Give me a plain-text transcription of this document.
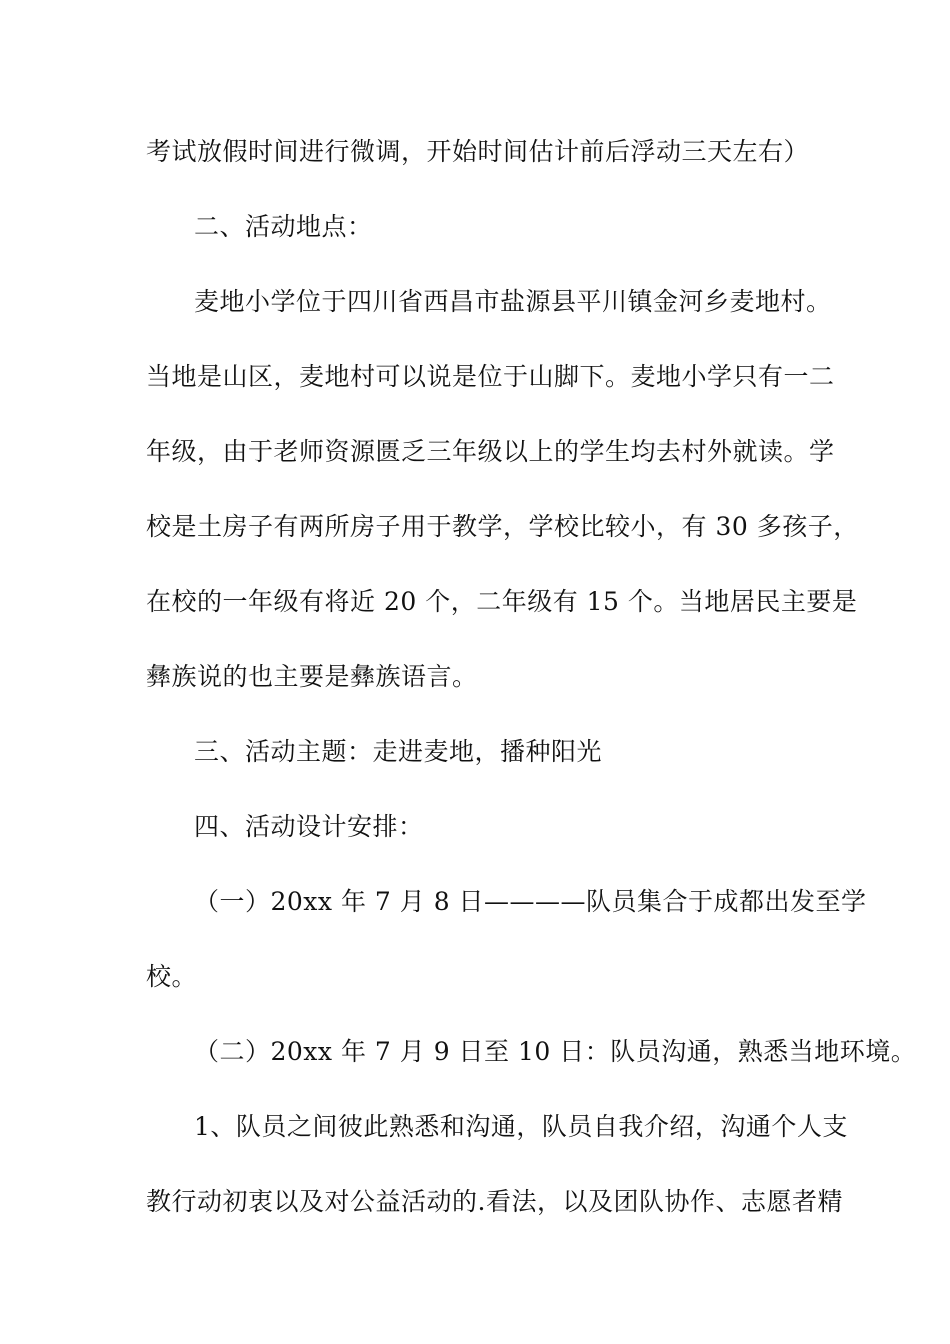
考试放假时间进行微调，开始时间估计前后浮动三天左右）
二、活动地点：
麦地小学位于四川省西昌市盐源县平川镇金河乡麦地村。
当地是山区，麦地村可以说是位于山脚下。麦地小学只有一二
年级，由于老师资源匮乏三年级以上的学生均去村外就读。学
校是土房子有两所房子用于教学，学校比较小，有 30 多孩子，
在校的一年级有将近 20 个，二年级有 15 个。当地居民主要是
彝族说的也主要是彝族语言。
三、活动主题：走进麦地，播种阳光
四、活动设计安排：
（一）20xx 年 7 月 8 日————队员集合于成都出发至学
校。
（二）20xx 年 7 月 9 日至 10 日：队员沟通，熟悉当地环境。
1、队员之间彼此熟悉和沟通，队员自我介绍，沟通个人支
教行动初衷以及对公益活动的.看法，以及团队协作、志愿者精
